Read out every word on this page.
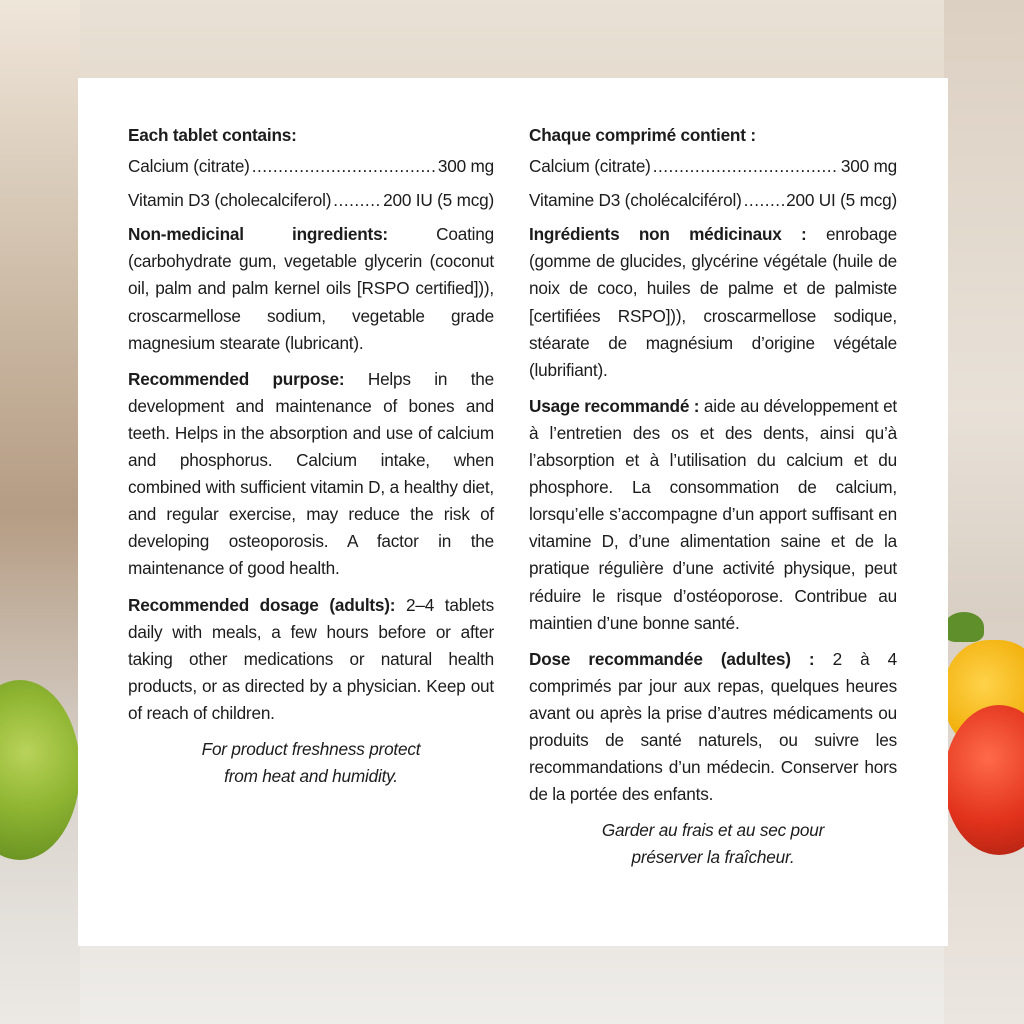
Each tablet contains:
Calcium (citrate) .....	300 mg
Vitamin D3 (cholecalciferol) .....	200 IU (5 mcg)

Non-medicinal ingredients: Coating (carbohydrate gum, vegetable glycerin (coconut oil, palm and palm kernel oils [RSPO certified])), croscarmellose sodium, vegetable grade magnesium stearate (lubricant).

Recommended purpose: Helps in the development and maintenance of bones and teeth. Helps in the absorption and use of calcium and phosphorus. Calcium intake, when combined with sufficient vitamin D, a healthy diet, and regular exercise, may reduce the risk of developing osteoporosis. A factor in the maintenance of good health.

Recommended dosage (adults): 2–4 tablets daily with meals, a few hours before or after taking other medications or natural health products, or as directed by a physician. Keep out of reach of children.

For product freshness protect
from heat and humidity.
Chaque comprimé contient :
Calcium (citrate) .....	300 mg
Vitamine D3 (cholécalciférol) .....	200 UI (5 mcg)

Ingrédients non médicinaux : enrobage (gomme de glucides, glycérine végétale (huile de noix de coco, huiles de palme et de palmiste [certifiées RSPO])), croscarmellose sodique, stéarate de magnésium d’origine végétale (lubrifiant).

Usage recommandé : aide au développement et à l’entretien des os et des dents, ainsi qu’à l’absorption et à l’utilisation du calcium et du phosphore. La consommation de calcium, lorsqu’elle s’accompagne d’un apport suffisant en vitamine D, d’une alimentation saine et de la pratique régulière d’une activité physique, peut réduire le risque d’ostéoporose. Contribue au maintien d’une bonne santé.

Dose recommandée (adultes) : 2 à 4 comprimés par jour aux repas, quelques heures avant ou après la prise d’autres médicaments ou produits de santé naturels, ou suivre les recommandations d’un médecin. Conserver hors de la portée des enfants.

Garder au frais et au sec pour
préserver la fraîcheur.
